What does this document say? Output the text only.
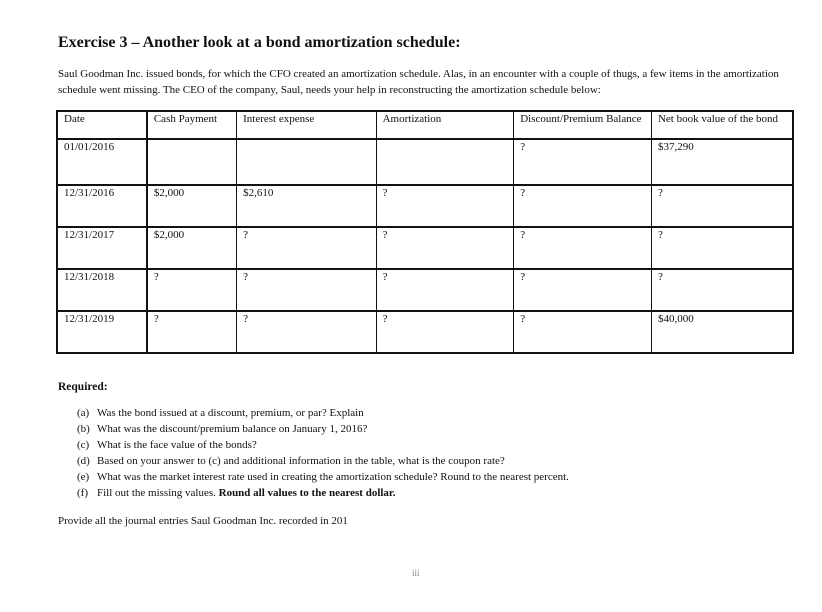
Exercise 3 – Another look at a bond amortization schedule:
Saul Goodman Inc. issued bonds, for which the CFO created an amortization schedule. Alas, in an encounter with a couple of thugs, a few items in the amortization schedule went missing. The CEO of the company, Saul, needs your help in reconstructing the amortization schedule below:
Date	Cash Payment	Interest expense	Amortization	Discount/Premium Balance	Net book value of the bond
01/01/2016				?	$37,290
12/31/2016	$2,000	$2,610	?	?	?
12/31/2017	$2,000	?	?	?	?
12/31/2018	?	?	?	?	?
12/31/2019	?	?	?	?	$40,000
Required:
(a) Was the bond issued at a discount, premium, or par? Explain
(b) What was the discount/premium balance on January 1, 2016?
(c) What is the face value of the bonds?
(d) Based on your answer to (c) and additional information in the table, what is the coupon rate?
(e) What was the market interest rate used in creating the amortization schedule? Round to the nearest percent.
(f) Fill out the missing values. Round all values to the nearest dollar.
Provide all the journal entries Saul Goodman Inc. recorded in 201
iii
